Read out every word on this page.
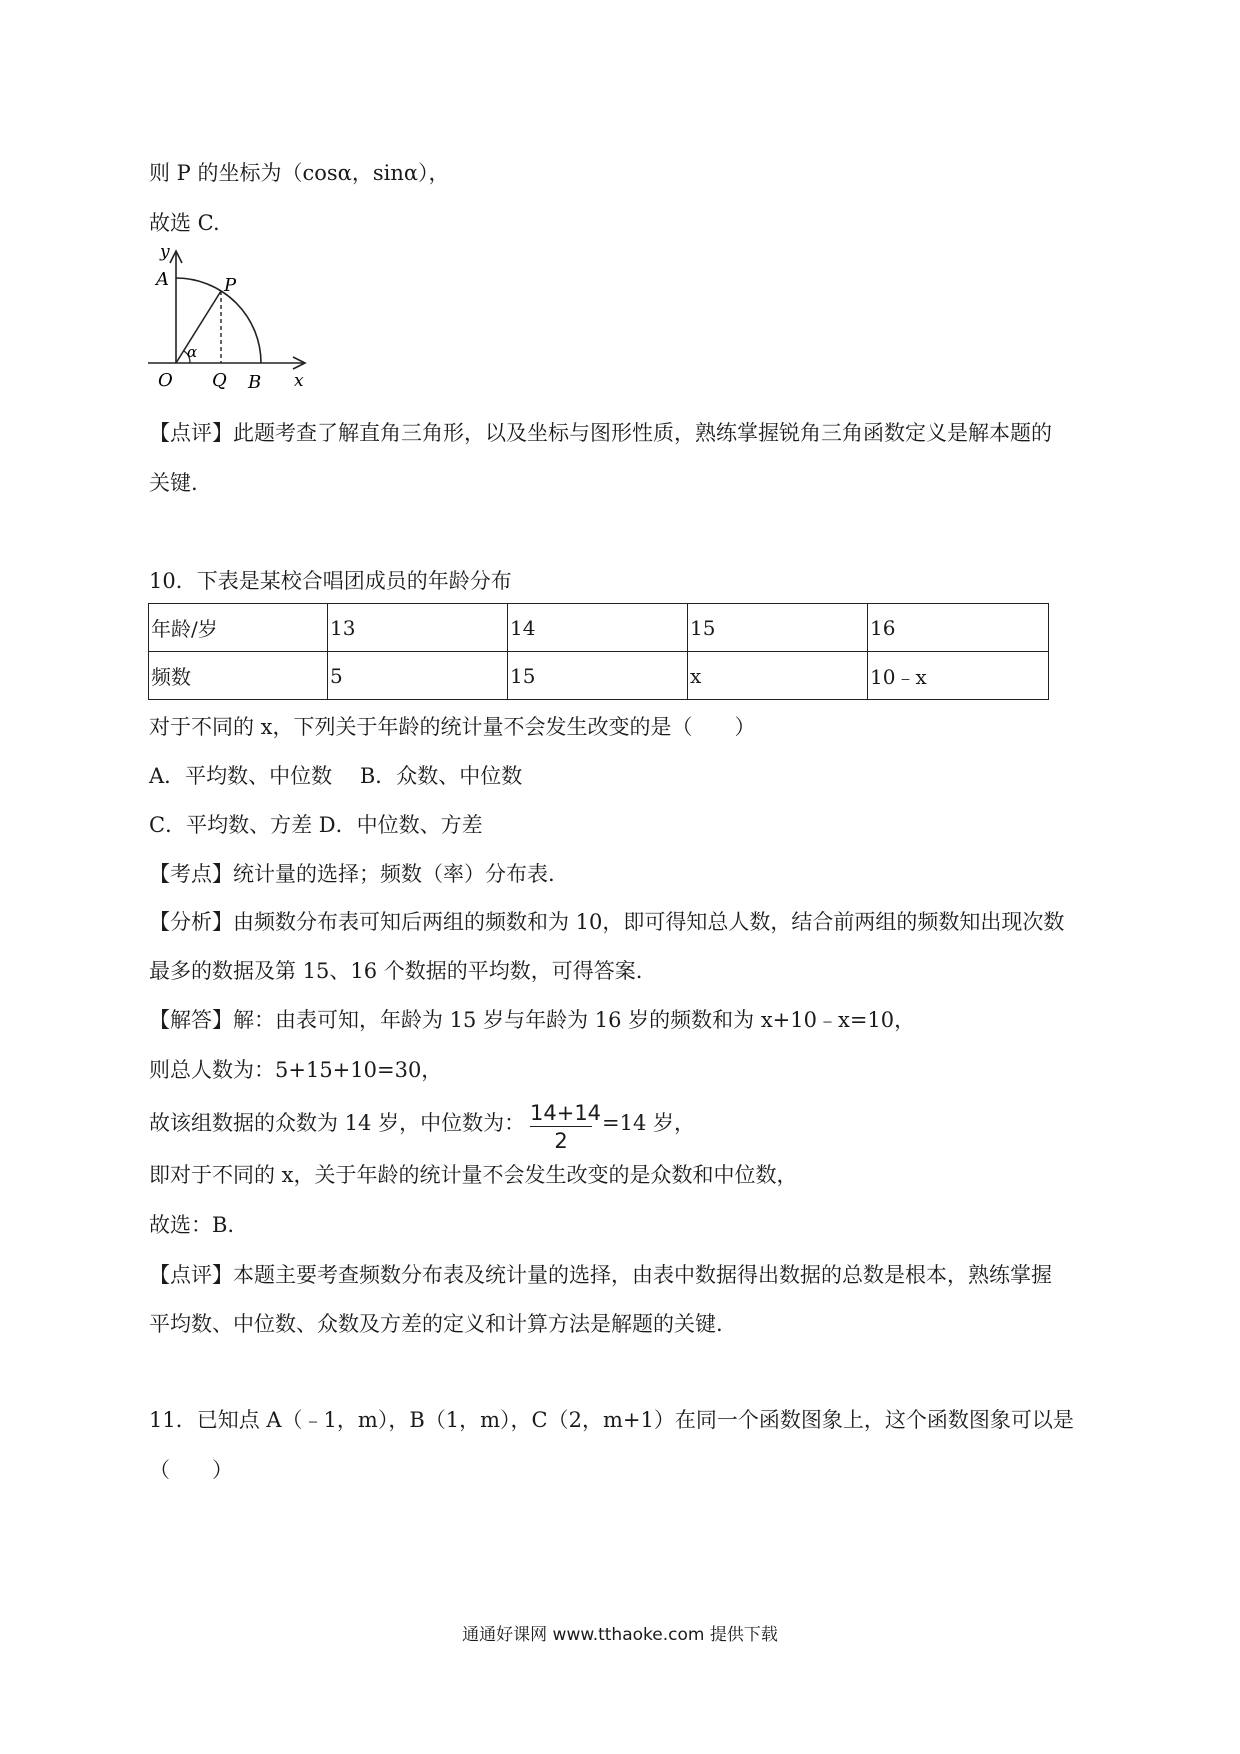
则 P 的坐标为（cosα，sinα），
故选 C.
y
A	P
α
O Q B x
【点评】此题考查了解直角三角形，以及坐标与图形性质，熟练掌握锐角三角函数定义是解本题的
关键.
10．下表是某校合唱团成员的年龄分布
年龄/岁	13	14	15	16
频数	5	15	x	10﹣x
对于不同的 x，下列关于年龄的统计量不会发生改变的是（　　）
A．平均数、中位数　 B．众数、中位数
C．平均数、方差 D．中位数、方差
【考点】统计量的选择；频数（率）分布表.
【分析】由频数分布表可知后两组的频数和为 10，即可得知总人数，结合前两组的频数知出现次数
最多的数据及第 15、16 个数据的平均数，可得答案.
【解答】解：由表可知，年龄为 15 岁与年龄为 16 岁的频数和为 x+10﹣x=10，
则总人数为：5+15+10=30，
故该组数据的众数为 14 岁，中位数为： $\frac{14+14}{2} =14$ 岁，
即对于不同的 x，关于年龄的统计量不会发生改变的是众数和中位数，
故选：B.
【点评】本题主要考查频数分布表及统计量的选择，由表中数据得出数据的总数是根本，熟练掌握
平均数、中位数、众数及方差的定义和计算方法是解题的关键.
11．已知点 A（﹣1，m），B（1，m），C（2，m+1）在同一个函数图象上，这个函数图象可以是
（　　）
通通好课网 www.tthaoke.com 提供下载
